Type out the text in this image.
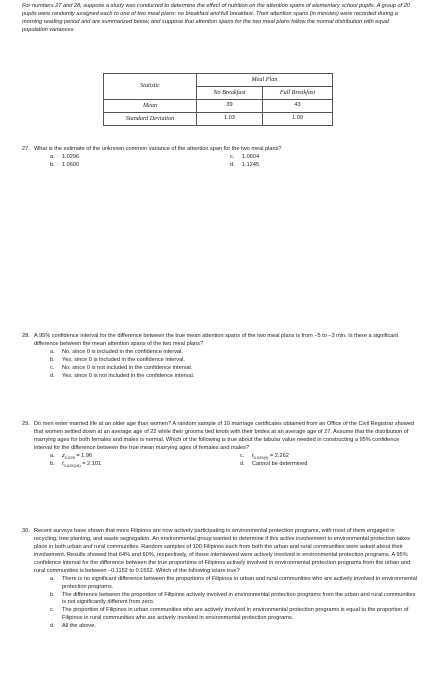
For numbers 27 and 28, suppose a study was conducted to determine the effect of nutrition on the attention spans of elementary school pupils. A group of 20 pupils were randomly assigned each to one of two meal plans: no breakfast and full breakfast. Their attention spans (in minutes) were recorded during a morning reading period and are summarized below, and suppose that attention spans for the two meal plans follow the normal distribution with equal population variances:
Statistic	Meal Plan	
	No Breakfast	Full Breakfast
Mean	39	43
Standard Deviation	1.03	1.09
27. What is the estimate of the unknown common variance of the attention span for the two meal plans?
a.	1.0296	c.	1.0604
b.	1.0600	d.	1.1245
28. A 95% confidence interval for the difference between the true mean attention spans of the two meal plans is from –5 to –3 min. Is there a significant difference between the mean attention spans of the two meal plans?
a.	No, since 0 is included in the confidence interval.
b.	Yes, since 0 is included in the confidence interval.
c.	No, since 0 is not included in the confidence interval.
d.	Yes, since 0 is not included in the confidence interval.
29. Do men enter married life at an older age than women? A random sample of 10 marriage certificates obtained from an Office of the Civil Registrar showed that women settled down at an average age of 22 while their grooms tied knots with their brides at an average age of 27. Assume that the distribution of marrying ages for both females and males is normal. Which of the following is true about the tabular value needed in constructing a 95% confidence interval for the difference between the true mean marrying ages of females and males?
a.	$z_{0.025} = 1.96$	c.	$t_{0.025(9)} = 2.262$
b.	$t_{0.025(18)} = 2.101$	d.	Cannot be determined
30. Recent surveys have shown that more Filipinos are now actively participating in environmental protection programs, with most of them engaged in recycling, tree planting, and waste segregation. An environmental group wanted to determine if this active involvement to environmental protection takes place in both urban and rural communities. Random samples of 100 Filipinos each from both the urban and rural communities were asked about their involvement. Results showed that 64% and 60%, respectively, of those interviewed were actively involved in environmental protection programs. A 95% confidence interval for the difference between the true proportions of Filipinos actively involved in environmental protection programs from the urban and rural communities is between –0.1152 to 0.1552. Which of the following is/are true?
a.	There is no significant difference between the proportions of Filipinos in urban and rural communities who are actively involved in environmental protection programs.
b.	The difference between the proportion of Filipinos actively involved in environmental protection programs from the urban and rural communities is not significantly different from zero.
c.	The proportion of Filipinos in urban communities who are actively involved in environmental protection programs is equal to the proportion of Filipinos in rural communities who are actively involved in environmental protection programs.
d.	All the above.
